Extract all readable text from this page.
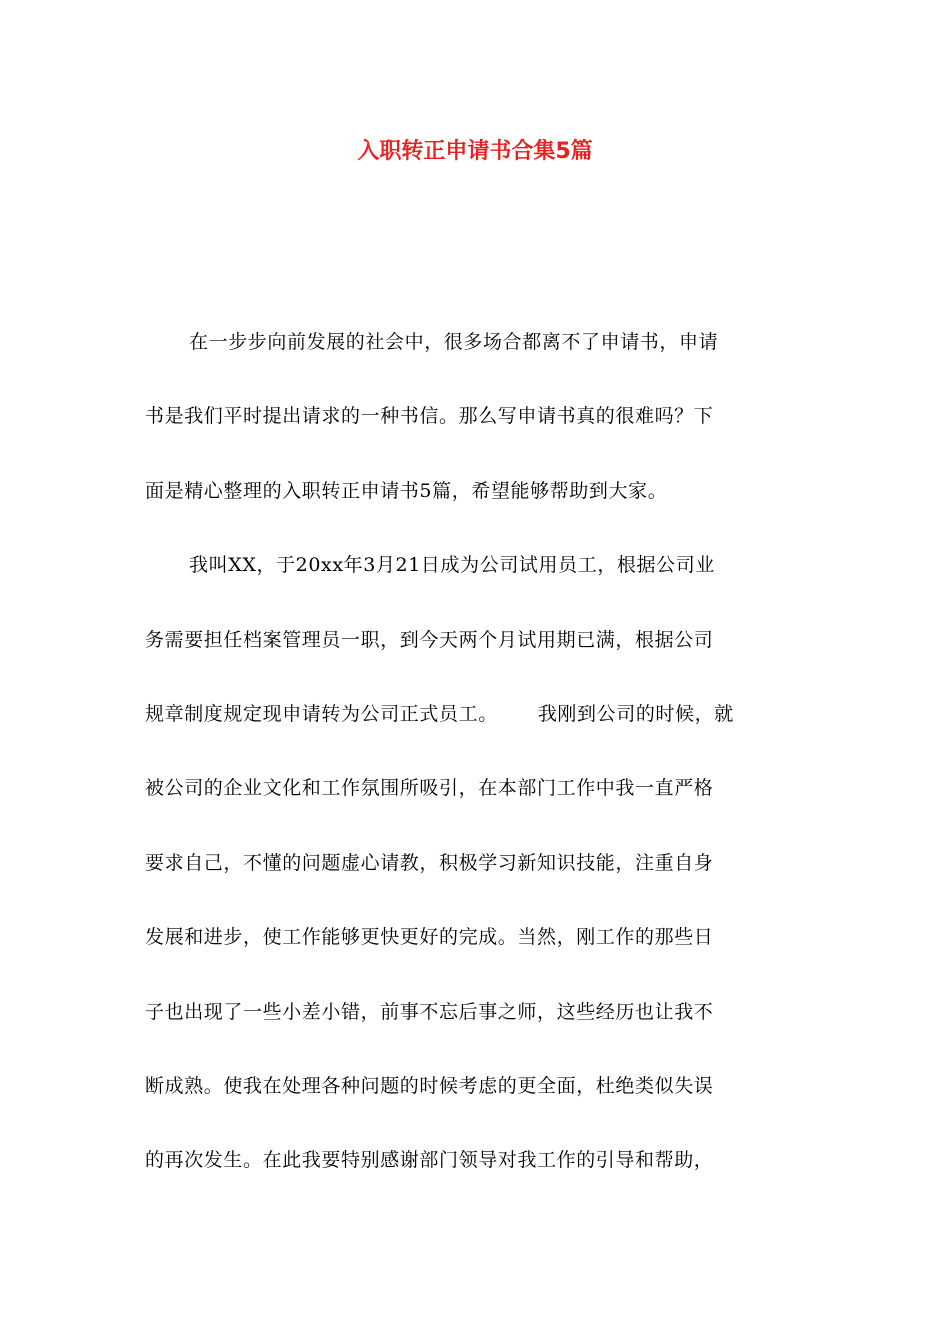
入职转正申请书合集5篇
在一步步向前发展的社会中，很多场合都离不了申请书，申请
书是我们平时提出请求的一种书信。那么写申请书真的很难吗？下
面是精心整理的入职转正申请书5篇，希望能够帮助到大家。
我叫XX，于20xx年3月21日成为公司试用员工，根据公司业
务需要担任档案管理员一职，到今天两个月试用期已满，根据公司
规章制度规定现申请转为公司正式员工。 我刚到公司的时候，就
被公司的企业文化和工作氛围所吸引，在本部门工作中我一直严格
要求自己，不懂的问题虚心请教，积极学习新知识技能，注重自身
发展和进步，使工作能够更快更好的完成。当然，刚工作的那些日
子也出现了一些小差小错，前事不忘后事之师，这些经历也让我不
断成熟。使我在处理各种问题的时候考虑的更全面，杜绝类似失误
的再次发生。在此我要特别感谢部门领导对我工作的引导和帮助，
